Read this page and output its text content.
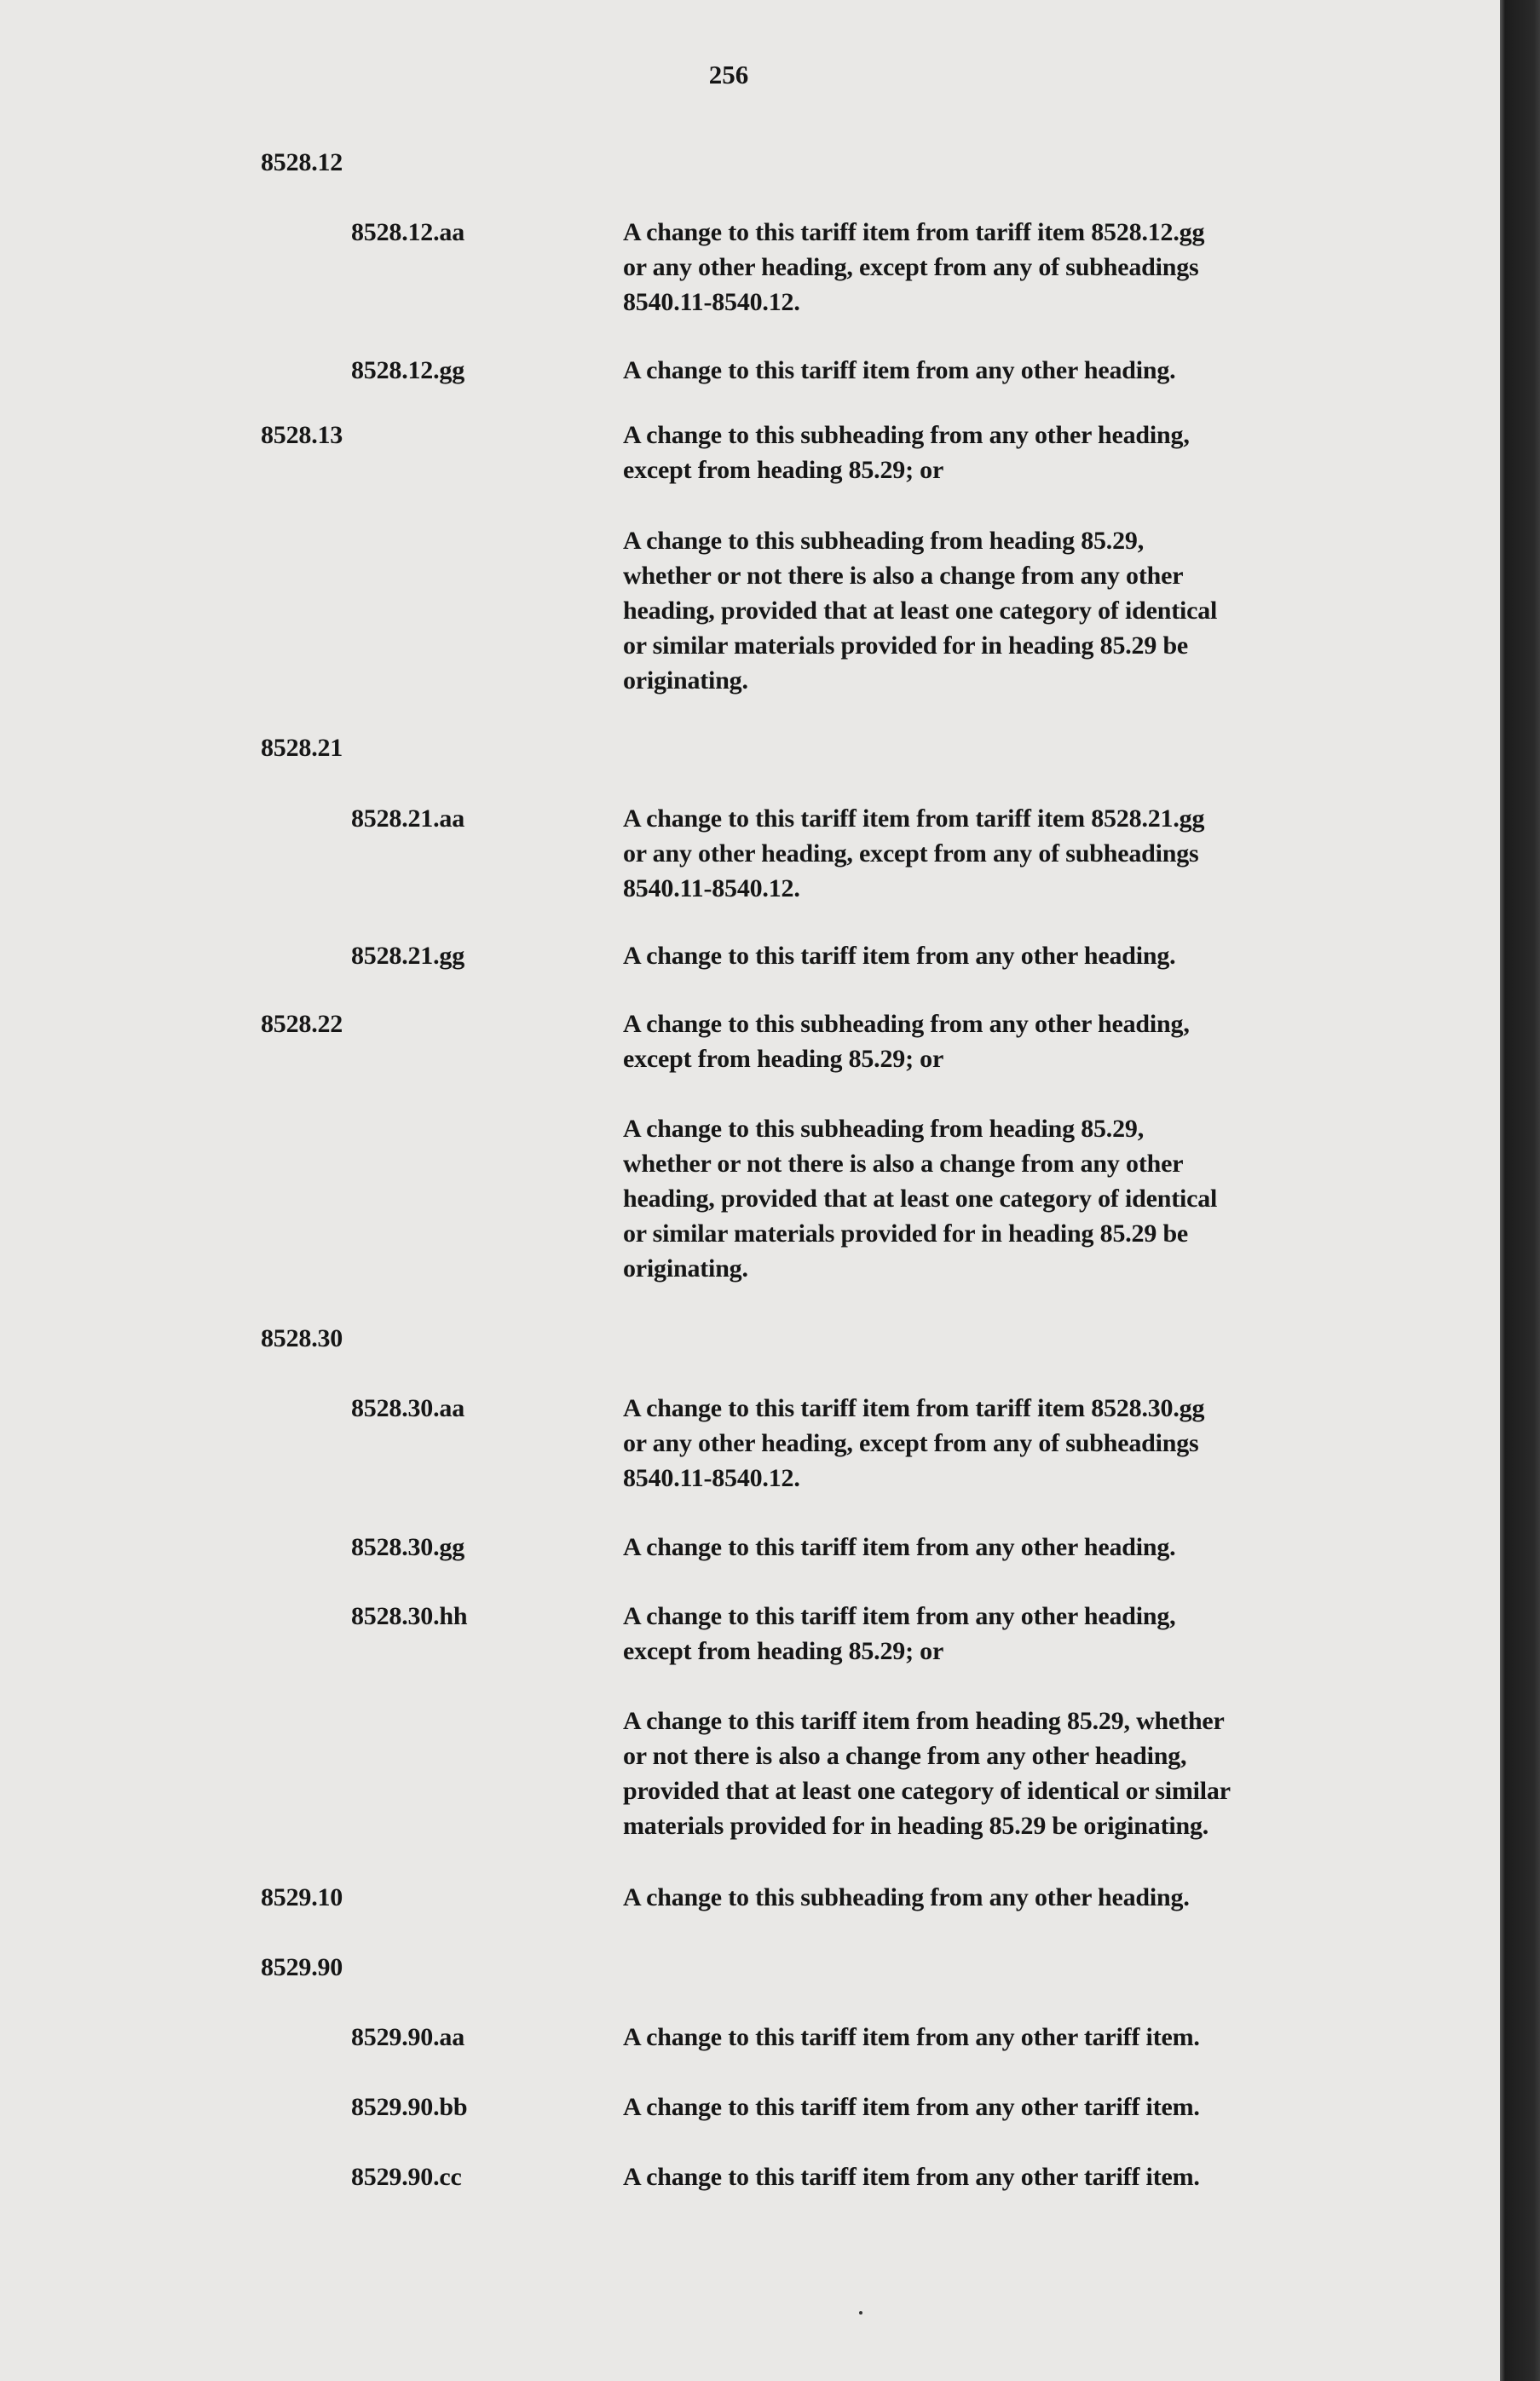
256
8528.12
8528.12.aa	A change to this tariff item from tariff item 8528.12.gg
or any other heading, except from any of subheadings
8540.11-8540.12.
8528.12.gg	A change to this tariff item from any other heading.
8528.13	A change to this subheading from any other heading,
except from heading 85.29; or
A change to this subheading from heading 85.29,
whether or not there is also a change from any other
heading, provided that at least one category of identical
or similar materials provided for in heading 85.29 be
originating.
8528.21
8528.21.aa	A change to this tariff item from tariff item 8528.21.gg
or any other heading, except from any of subheadings
8540.11-8540.12.
8528.21.gg	A change to this tariff item from any other heading.
8528.22	A change to this subheading from any other heading,
except from heading 85.29; or
A change to this subheading from heading 85.29,
whether or not there is also a change from any other
heading, provided that at least one category of identical
or similar materials provided for in heading 85.29 be
originating.
8528.30
8528.30.aa	A change to this tariff item from tariff item 8528.30.gg
or any other heading, except from any of subheadings
8540.11-8540.12.
8528.30.gg	A change to this tariff item from any other heading.
8528.30.hh	A change to this tariff item from any other heading,
except from heading 85.29; or
A change to this tariff item from heading 85.29, whether
or not there is also a change from any other heading,
provided that at least one category of identical or similar
materials provided for in heading 85.29 be originating.
8529.10	A change to this subheading from any other heading.
8529.90
8529.90.aa	A change to this tariff item from any other tariff item.
8529.90.bb	A change to this tariff item from any other tariff item.
8529.90.cc	A change to this tariff item from any other tariff item.
